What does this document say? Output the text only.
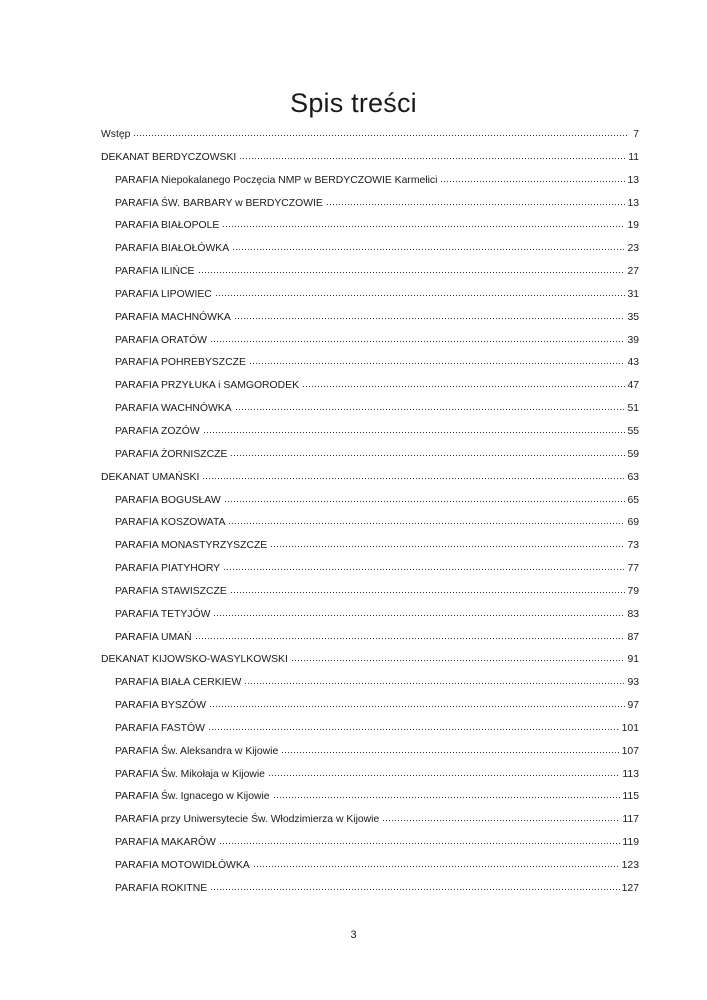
Spis treści
Wstęp	7
DEKANAT BERDYCZOWSKI	11
PARAFIA Niepokalanego Poczęcia NMP w BERDYCZOWIE Karmelici	13
PARAFIA ŚW. BARBARY w BERDYCZOWIE	13
PARAFIA BIAŁOPOLE	19
PARAFIA BIAŁOŁÓWKA	23
PARAFIA ILIŃCE	27
PARAFIA LIPOWIEC	31
PARAFIA MACHNÓWKA	35
PARAFIA ORATÓW	39
PARAFIA POHREBYSZCZE	43
PARAFIA PRZYŁUKA i SAMGORODEK	47
PARAFIA WACHNÓWKA	51
PARAFIA ZOZÓW	55
PARAFIA ŻORNISZCZE	59
DEKANAT UMAŃSKI	63
PARAFIA BOGUSŁAW	65
PARAFIA KOSZOWATA	69
PARAFIA MONASTYRZYSZCZE	73
PARAFIA PIATYHORY	77
PARAFIA STAWISZCZE	79
PARAFIA TETYJÓW	83
PARAFIA UMAŃ	87
DEKANAT KIJOWSKO-WASYLKOWSKI	91
PARAFIA BIAŁA CERKIEW	93
PARAFIA BYSZÓW	97
PARAFIA FASTÓW	101
PARAFIA Św. Aleksandra w Kijowie	107
PARAFIA Św. Mikołaja w Kijowie	113
PARAFIA Św. Ignacego w Kijowie	115
PARAFIA przy Uniwersytecie Św. Włodzimierza w Kijowie	117
PARAFIA MAKARÓW	119
PARAFIA MOTOWIDŁÓWKA	123
PARAFIA ROKITNE	127
3
